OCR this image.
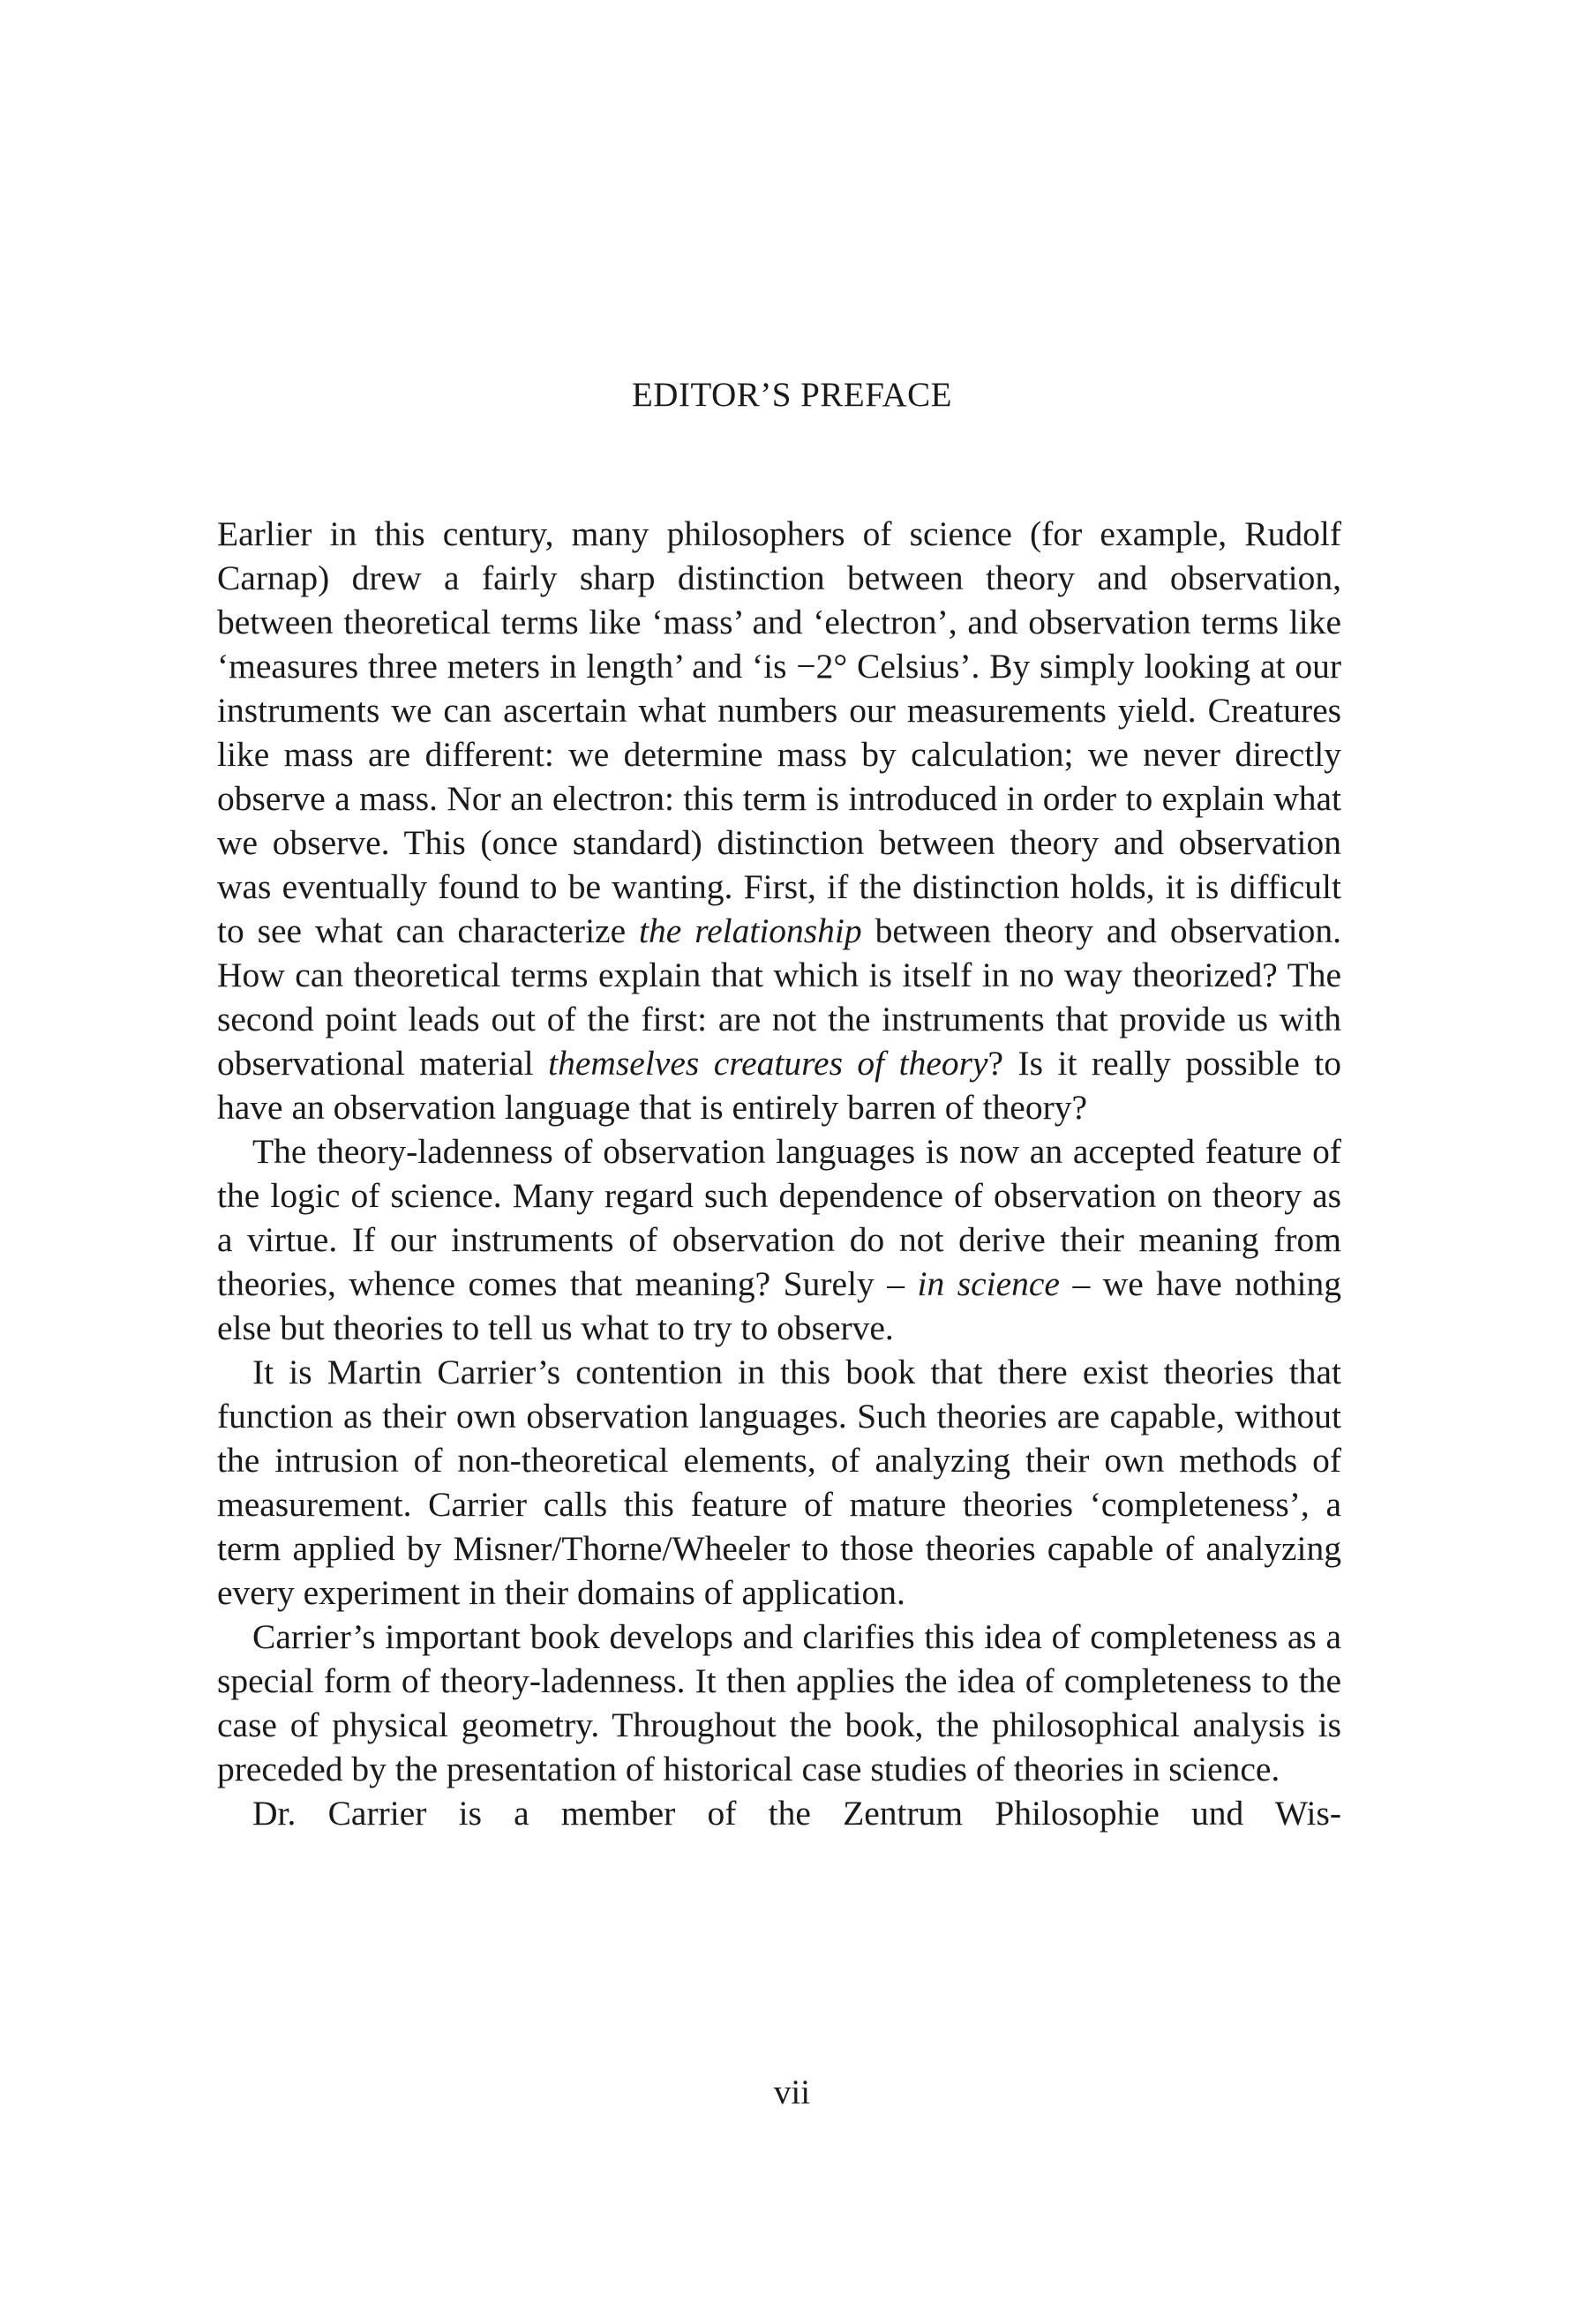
EDITOR’S PREFACE

Earlier in this century, many philosophers of science (for example, Rudolf Carnap) drew a fairly sharp distinction between theory and observation, between theoretical terms like ‘mass’ and ‘electron’, and observation terms like ‘measures three meters in length’ and ‘is −2° Celsius’. By simply looking at our instruments we can ascertain what numbers our measurements yield. Creatures like mass are different: we determine mass by calculation; we never directly observe a mass. Nor an electron: this term is introduced in order to explain what we observe. This (once standard) distinction between theory and observation was eventually found to be wanting. First, if the distinction holds, it is difficult to see what can characterize the relationship between theory and observation. How can theoretical terms explain that which is itself in no way theorized? The second point leads out of the first: are not the instruments that provide us with observational material themselves creatures of theory? Is it really possible to have an observation language that is entirely barren of theory?

The theory-ladenness of observation languages is now an accepted feature of the logic of science. Many regard such dependence of observation on theory as a virtue. If our instruments of observation do not derive their meaning from theories, whence comes that meaning? Surely – in science – we have nothing else but theories to tell us what to try to observe.

It is Martin Carrier’s contention in this book that there exist theories that function as their own observation languages. Such theories are capable, without the intrusion of non-theoretical elements, of analyzing their own methods of measurement. Carrier calls this feature of mature theories ‘completeness’, a term applied by Misner/Thorne/Wheeler to those theories capable of analyzing every experiment in their domains of application.

Carrier’s important book develops and clarifies this idea of completeness as a special form of theory-ladenness. It then applies the idea of completeness to the case of physical geometry. Throughout the book, the philosophical analysis is preceded by the presentation of historical case studies of theories in science.

Dr. Carrier is a member of the Zentrum Philosophie und Wis-

vii
